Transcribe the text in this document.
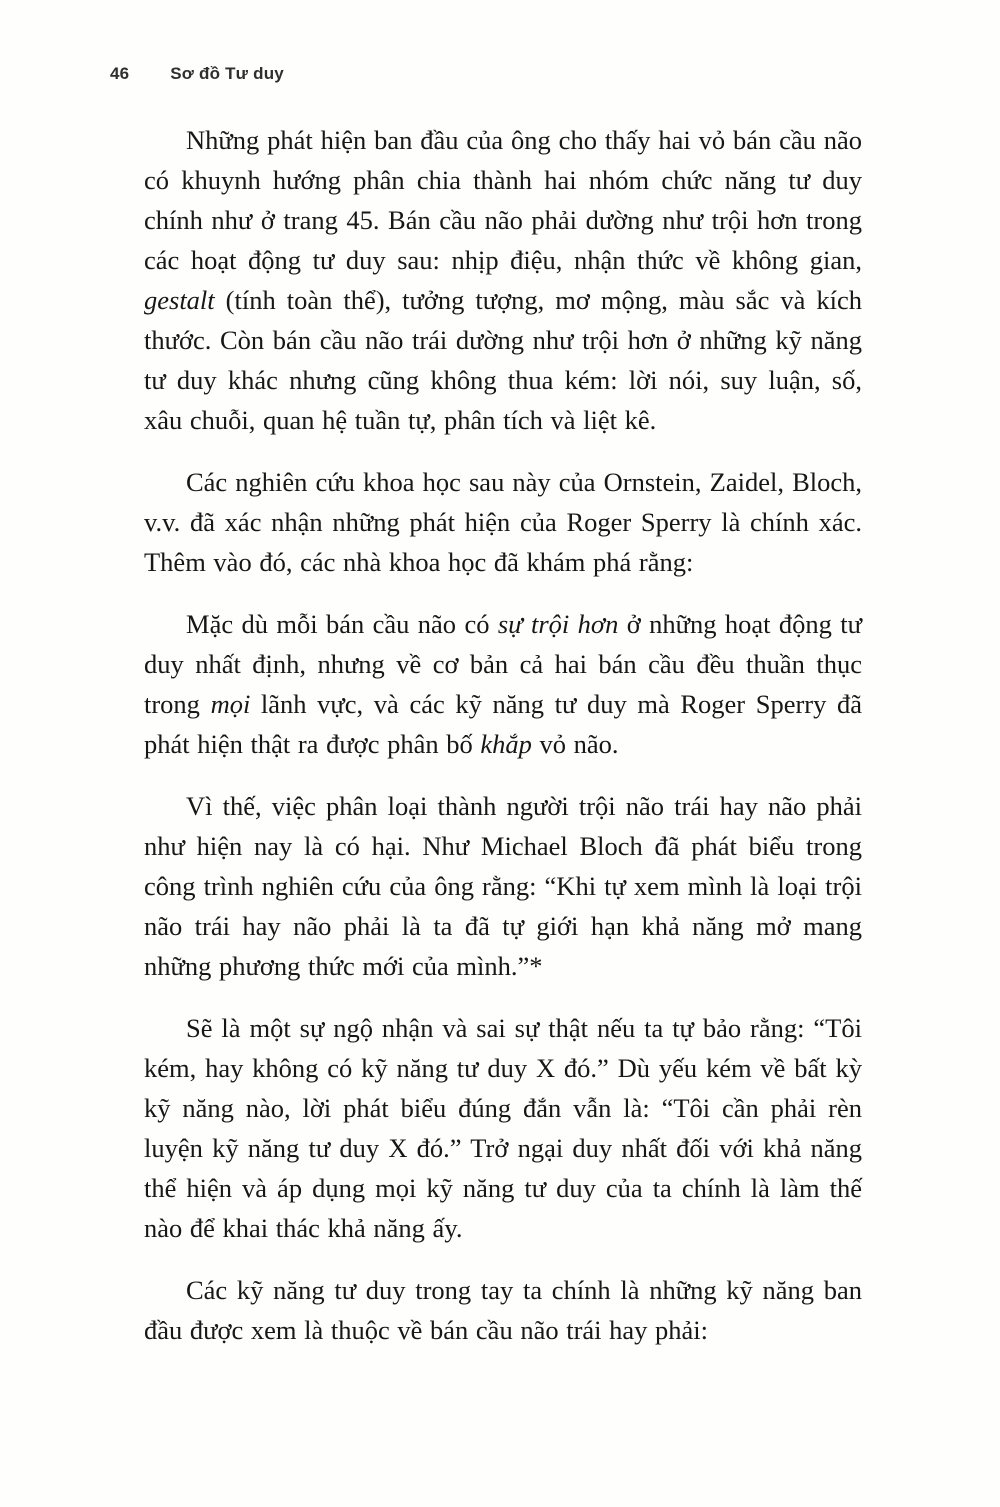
46 Sơ đồ Tư duy

Những phát hiện ban đầu của ông cho thấy hai vỏ bán cầu não có khuynh hướng phân chia thành hai nhóm chức năng tư duy chính như ở trang 45. Bán cầu não phải dường như trội hơn trong các hoạt động tư duy sau: nhịp điệu, nhận thức về không gian, gestalt (tính toàn thể), tưởng tượng, mơ mộng, màu sắc và kích thước. Còn bán cầu não trái dường như trội hơn ở những kỹ năng tư duy khác nhưng cũng không thua kém: lời nói, suy luận, số, xâu chuỗi, quan hệ tuần tự, phân tích và liệt kê.

Các nghiên cứu khoa học sau này của Ornstein, Zaidel, Bloch, v.v. đã xác nhận những phát hiện của Roger Sperry là chính xác. Thêm vào đó, các nhà khoa học đã khám phá rằng:

Mặc dù mỗi bán cầu não có sự trội hơn ở những hoạt động tư duy nhất định, nhưng về cơ bản cả hai bán cầu đều thuần thục trong mọi lãnh vực, và các kỹ năng tư duy mà Roger Sperry đã phát hiện thật ra được phân bố khắp vỏ não.

Vì thế, việc phân loại thành người trội não trái hay não phải như hiện nay là có hại. Như Michael Bloch đã phát biểu trong công trình nghiên cứu của ông rằng: “Khi tự xem mình là loại trội não trái hay não phải là ta đã tự giới hạn khả năng mở mang những phương thức mới của mình.”*

Sẽ là một sự ngộ nhận và sai sự thật nếu ta tự bảo rằng: “Tôi kém, hay không có kỹ năng tư duy X đó.” Dù yếu kém về bất kỳ kỹ năng nào, lời phát biểu đúng đắn vẫn là: “Tôi cần phải rèn luyện kỹ năng tư duy X đó.” Trở ngại duy nhất đối với khả năng thể hiện và áp dụng mọi kỹ năng tư duy của ta chính là làm thế nào để khai thác khả năng ấy.

Các kỹ năng tư duy trong tay ta chính là những kỹ năng ban đầu được xem là thuộc về bán cầu não trái hay phải:
